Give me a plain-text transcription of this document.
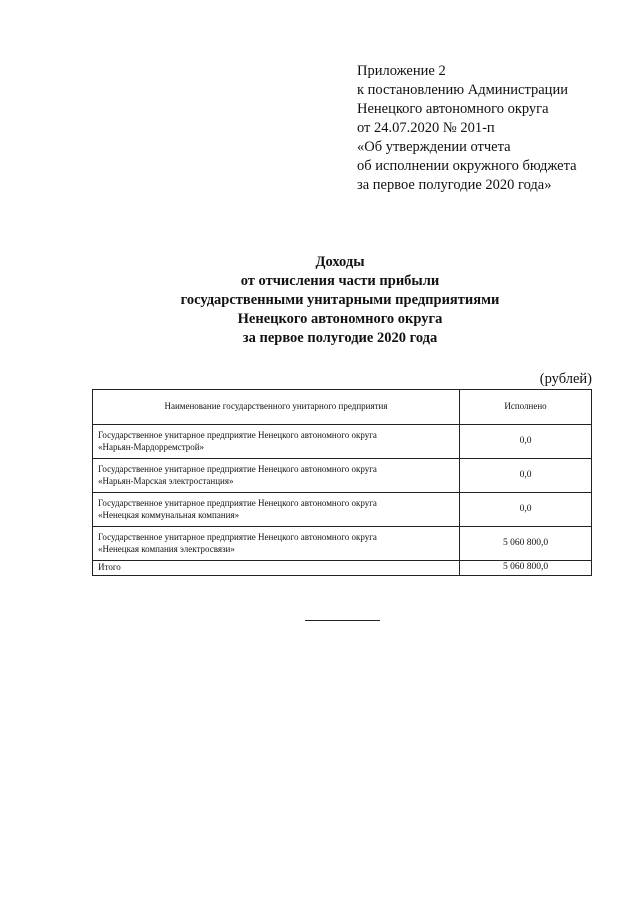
Приложение 2
к постановлению Администрации
Ненецкого автономного округа
от 24.07.2020 № 201-п
«Об утверждении отчета
об исполнении окружного бюджета
за первое полугодие 2020 года»
Доходы
от отчисления части прибыли
государственными унитарными предприятиями
Ненецкого автономного округа
за первое полугодие 2020 года
(рублей)
Наименование государственного унитарного предприятия	Исполнено

Государственное унитарное предприятие Ненецкого автономного округа
«Нарьян-Мардорремстрой»	0,0

Государственное унитарное предприятие Ненецкого автономного округа
«Нарьян-Марская электростанция»	0,0

Государственное унитарное предприятие Ненецкого автономного округа
«Ненецкая коммунальная компания»	0,0

Государственное унитарное предприятие Ненецкого автономного округа
«Ненецкая компания электросвязи»	5 060 800,0
Итого	5 060 800,0
